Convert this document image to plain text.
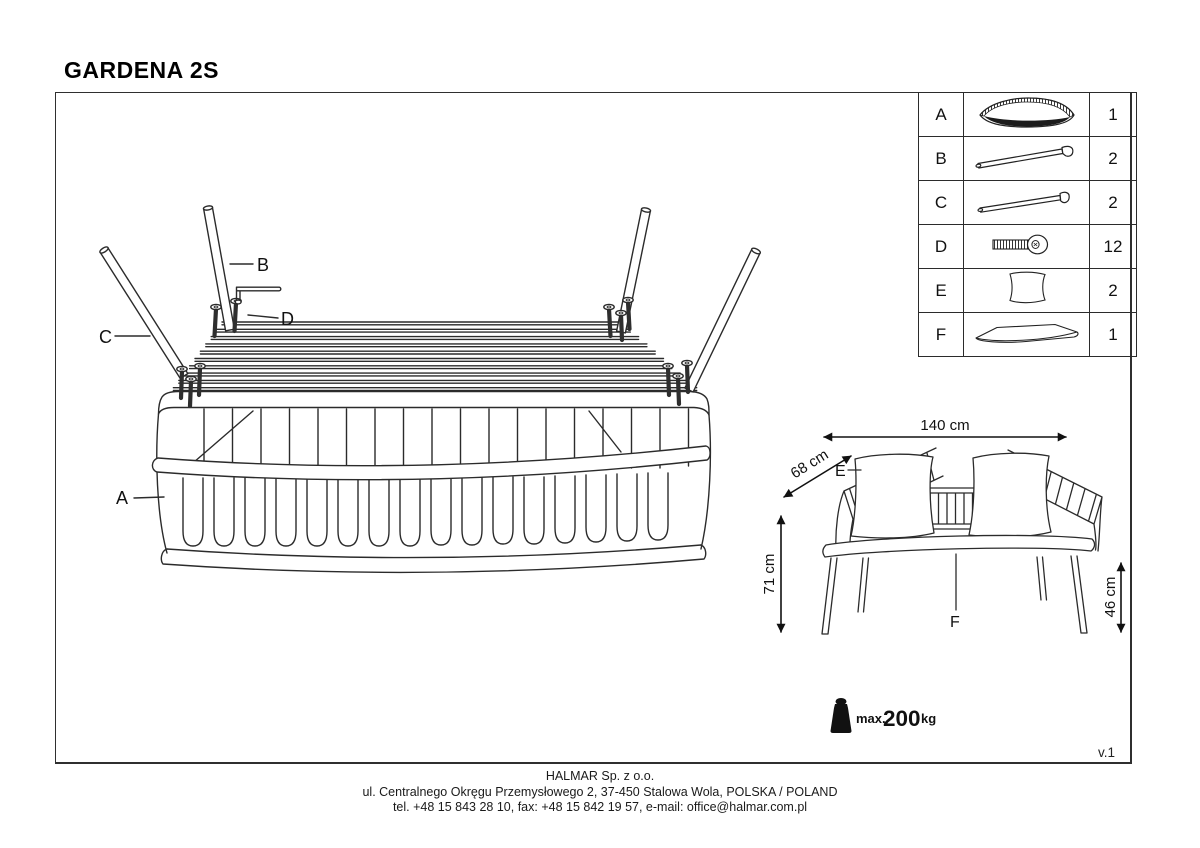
GARDENA 2S
A
B
C
D
140 cm
68 cm
71 cm
46 cm
E
F
max.
200 kg
A		1
B		2
C		2
D		12
E		2
F		1
v.1
HALMAR Sp. z o.o.
ul. Centralnego Okręgu Przemysłowego 2, 37-450 Stalowa Wola, POLSKA / POLAND
tel. +48 15 843 28 10, fax: +48 15 842 19 57, e-mail: office@halmar.com.pl
